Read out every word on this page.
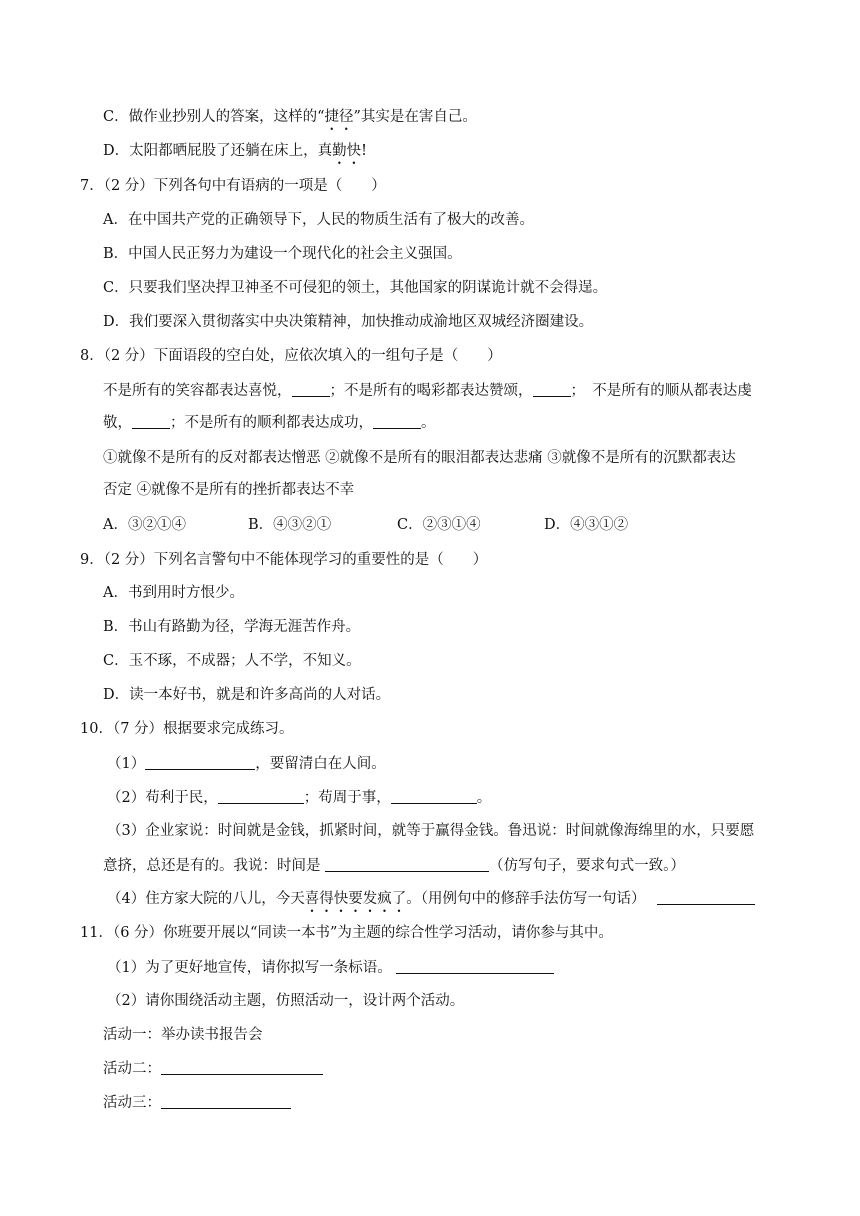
C．做作业抄别人的答案，这样的“捷径”其实是在害自己。
D．太阳都晒屁股了还躺在床上，真勤快!
7．（2 分）下列各句中有语病的一项是（　　）
A．在中国共产党的正确领导下，人民的物质生活有了极大的改善。
B．中国人民正努力为建设一个现代化的社会主义强国。
C．只要我们坚决捍卫神圣不可侵犯的领土，其他国家的阴谋诡计就不会得逞。
D．我们要深入贯彻落实中央决策精神，加快推动成渝地区双城经济圈建设。
8．（2 分）下面语段的空白处，应依次填入的一组句子是（　　）
不是所有的笑容都表达喜悦，	；不是所有的喝彩都表达赞颂，	；　不是所有的顺从都表达虔
敬，	；不是所有的顺利都表达成功，	。
①就像不是所有的反对都表达憎恶 ②就像不是所有的眼泪都表达悲痛 ③就像不是所有的沉默都表达
否定 ④就像不是所有的挫折都表达不幸
A．③②①④	B．④③②①	C．②③①④	D．④③①②
9．（2 分）下列名言警句中不能体现学习的重要性的是（　　）
A．书到用时方恨少。
B．书山有路勤为径，学海无涯苦作舟。
C．玉不琢，不成器；人不学，不知义。
D．读一本好书，就是和许多高尚的人对话。
10．（7 分）根据要求完成练习。
（1）	，要留清白在人间。
（2）苟利于民，	；苟周于事，	。
（3）企业家说：时间就是金钱，抓紧时间，就等于赢得金钱。鲁迅说：时间就像海绵里的水，只要愿
意挤，总还是有的。我说：时间是	（仿写句子，要求句式一致。）
（4）住方家大院的八儿，今天喜得快要发疯了。（用例句中的修辞手法仿写一句话）
11．（6 分）你班要开展以“同读一本书”为主题的综合性学习活动，请你参与其中。
（1）为了更好地宣传，请你拟写一条标语。
（2）请你围绕活动主题，仿照活动一，设计两个活动。
活动一：举办读书报告会
活动二：
活动三：
